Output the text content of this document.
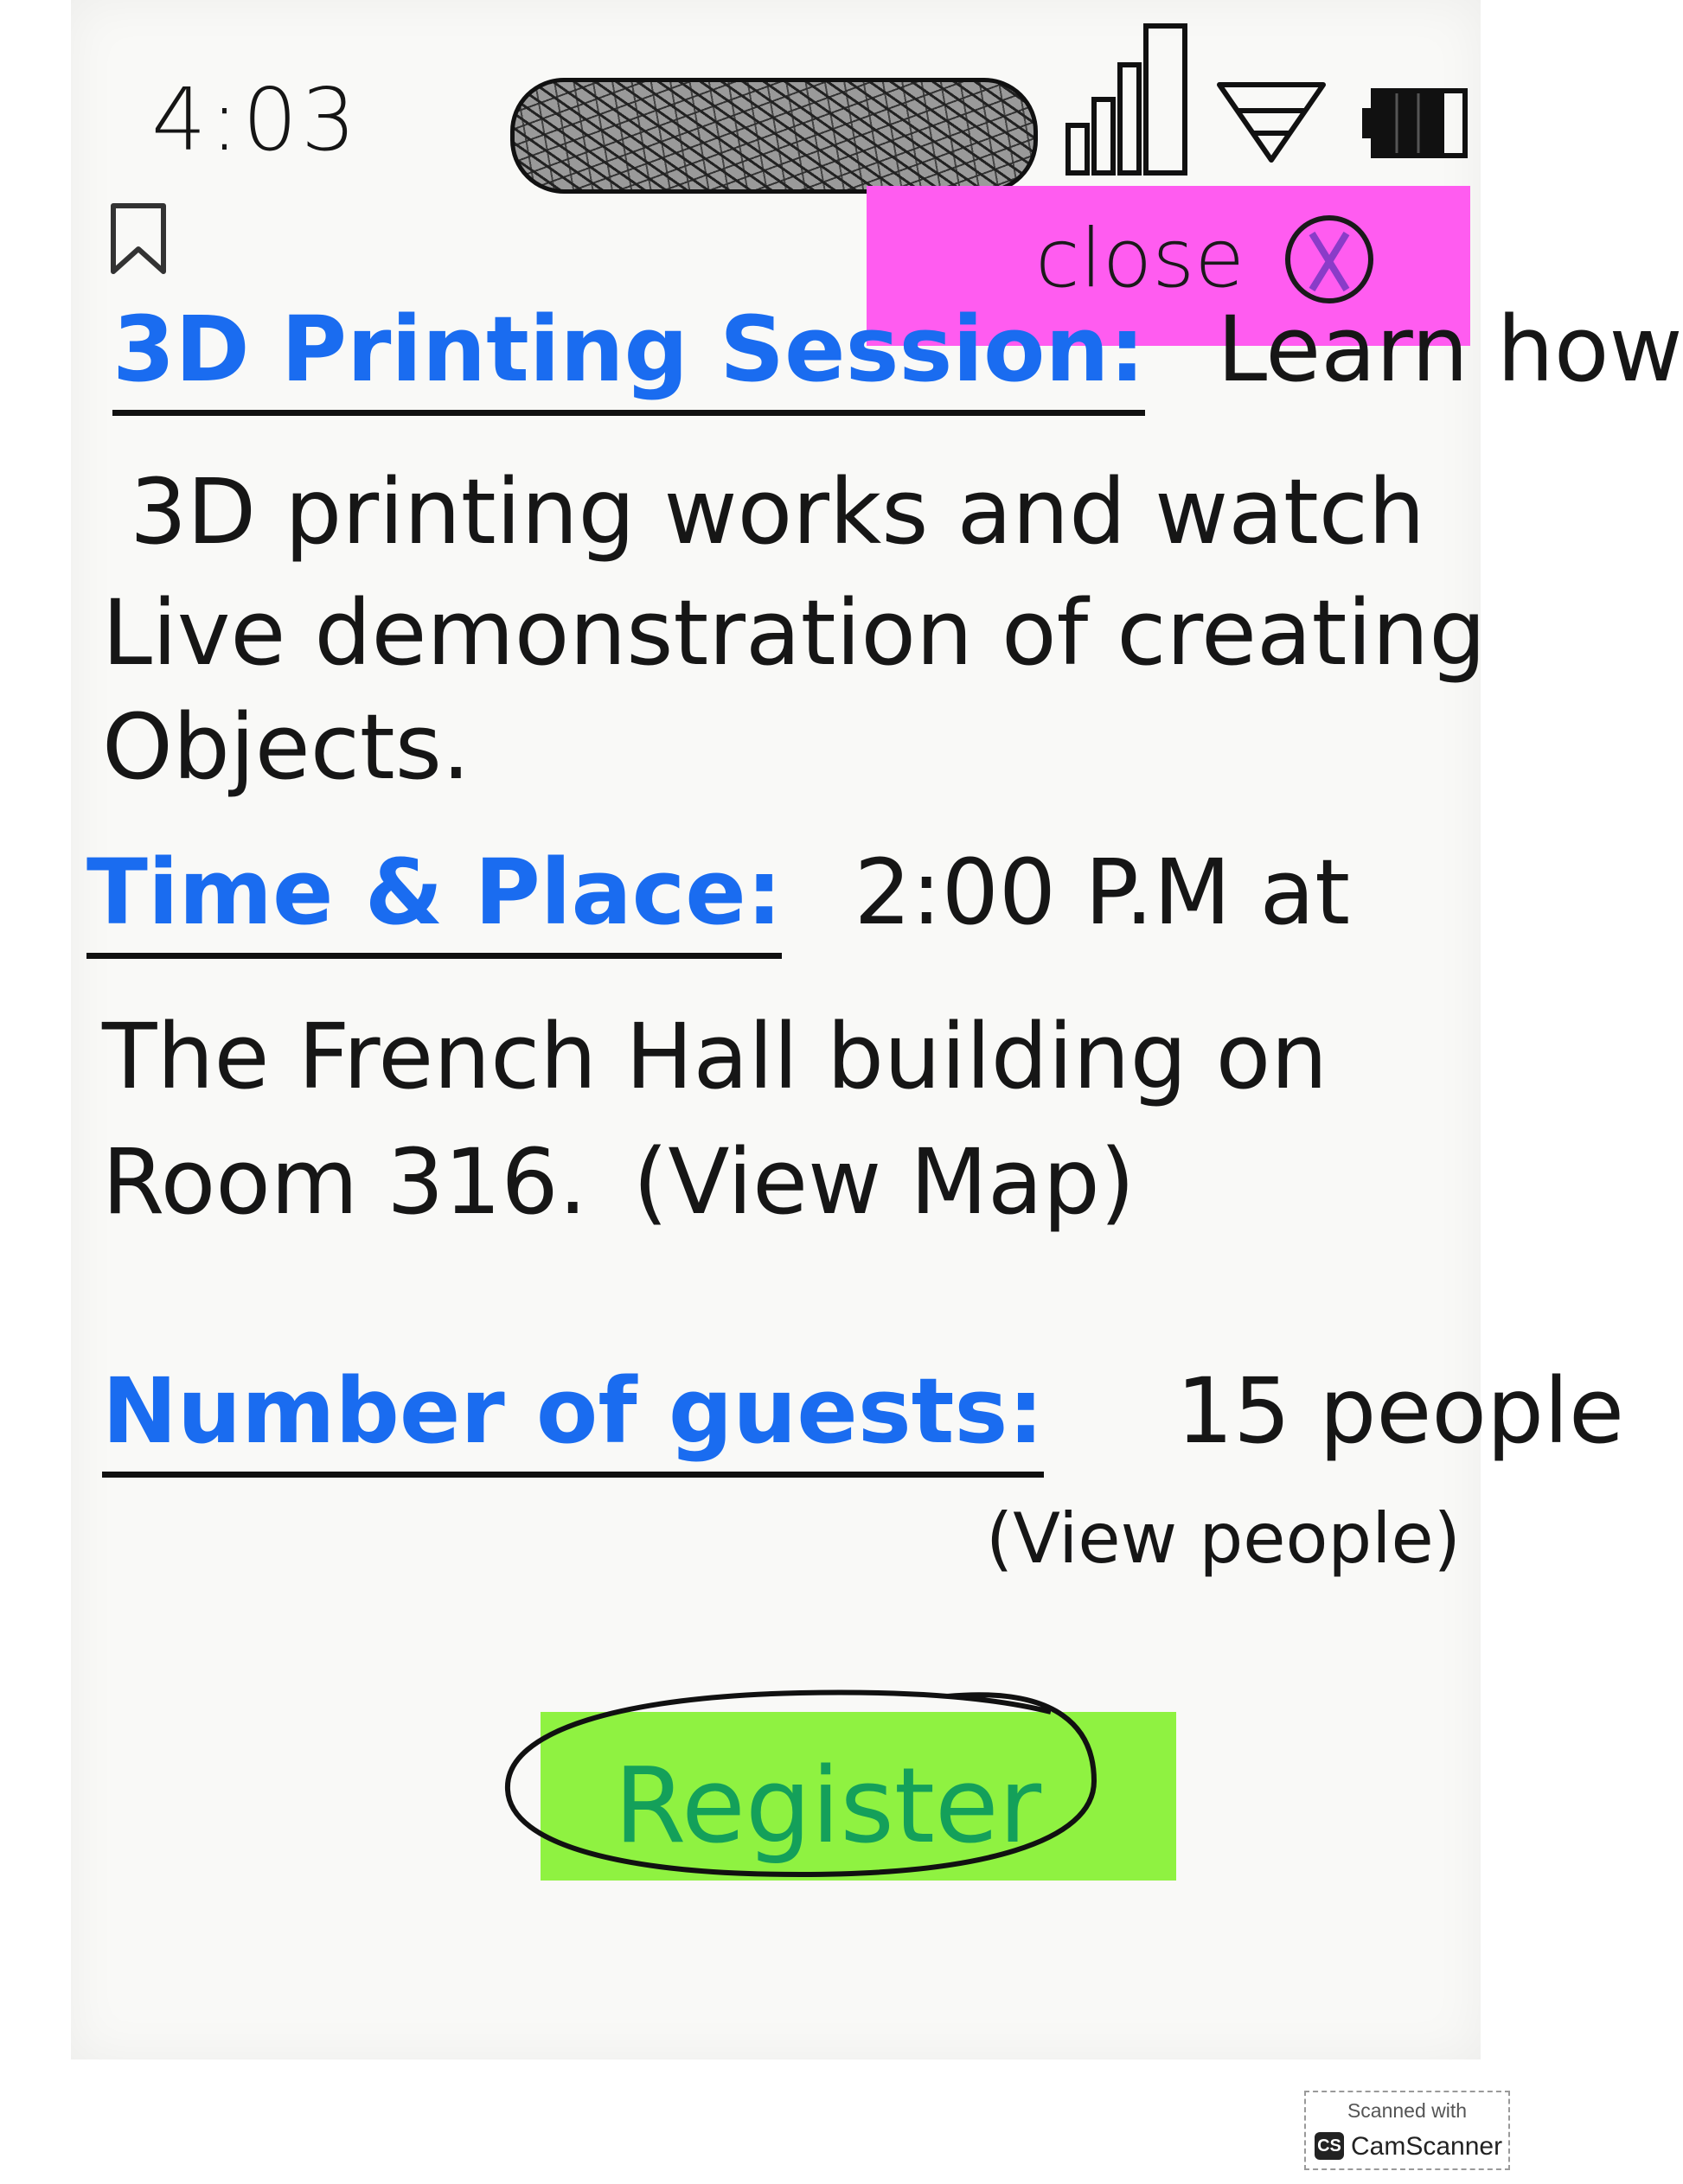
4:03
close
3D Printing Session: Learn how
3D printing works and watch
Live demonstration of creating
Objects.
Time & Place: 2:00 P.M at
The French Hall building on
Room 316. (View Map)
Number of guests: 15 people
(View people)
Register
Scanned with
CS CamScanner
